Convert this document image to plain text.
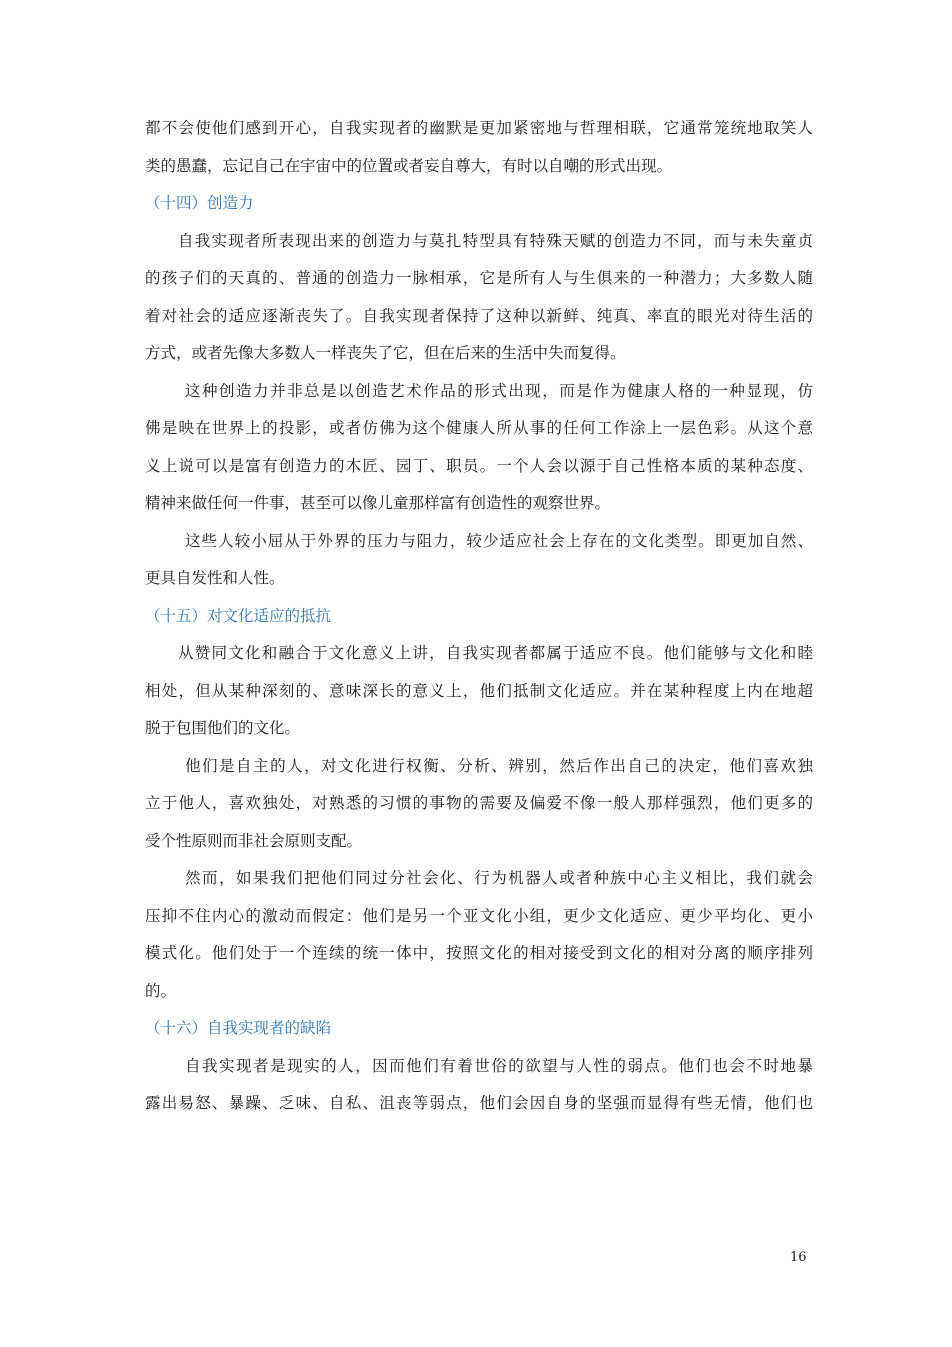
都不会使他们感到开心，自我实现者的幽默是更加紧密地与哲理相联，它通常笼统地取笑人
类的愚蠢，忘记自己在宇宙中的位置或者妄自尊大，有时以自嘲的形式出现。
（十四）创造力
自我实现者所表现出来的创造力与莫扎特型具有特殊天赋的创造力不同，而与未失童贞
的孩子们的天真的、普通的创造力一脉相承，它是所有人与生俱来的一种潜力；大多数人随
着对社会的适应逐渐丧失了。自我实现者保持了这种以新鲜、纯真、率直的眼光对待生活的
方式，或者先像大多数人一样丧失了它，但在后来的生活中失而复得。
这种创造力并非总是以创造艺术作品的形式出现，而是作为健康人格的一种显现，仿
佛是映在世界上的投影，或者仿佛为这个健康人所从事的任何工作涂上一层色彩。从这个意
义上说可以是富有创造力的木匠、园丁、职员。一个人会以源于自己性格本质的某种态度、
精神来做任何一件事，甚至可以像儿童那样富有创造性的观察世界。
这些人较小屈从于外界的压力与阻力，较少适应社会上存在的文化类型。即更加自然、
更具自发性和人性。
（十五）对文化适应的抵抗
从赞同文化和融合于文化意义上讲，自我实现者都属于适应不良。他们能够与文化和睦
相处，但从某种深刻的、意味深长的意义上，他们抵制文化适应。并在某种程度上内在地超
脱于包围他们的文化。
他们是自主的人，对文化进行权衡、分析、辨别，然后作出自己的决定，他们喜欢独
立于他人，喜欢独处，对熟悉的习惯的事物的需要及偏爱不像一般人那样强烈，他们更多的
受个性原则而非社会原则支配。
然而，如果我们把他们同过分社会化、行为机器人或者种族中心主义相比，我们就会
压抑不住内心的激动而假定：他们是另一个亚文化小组，更少文化适应、更少平均化、更小
模式化。他们处于一个连续的统一体中，按照文化的相对接受到文化的相对分离的顺序排列
的。
（十六）自我实现者的缺陷
自我实现者是现实的人，因而他们有着世俗的欲望与人性的弱点。他们也会不时地暴
露出易怒、暴躁、乏味、自私、沮丧等弱点，他们会因自身的坚强而显得有些无情，他们也
16
